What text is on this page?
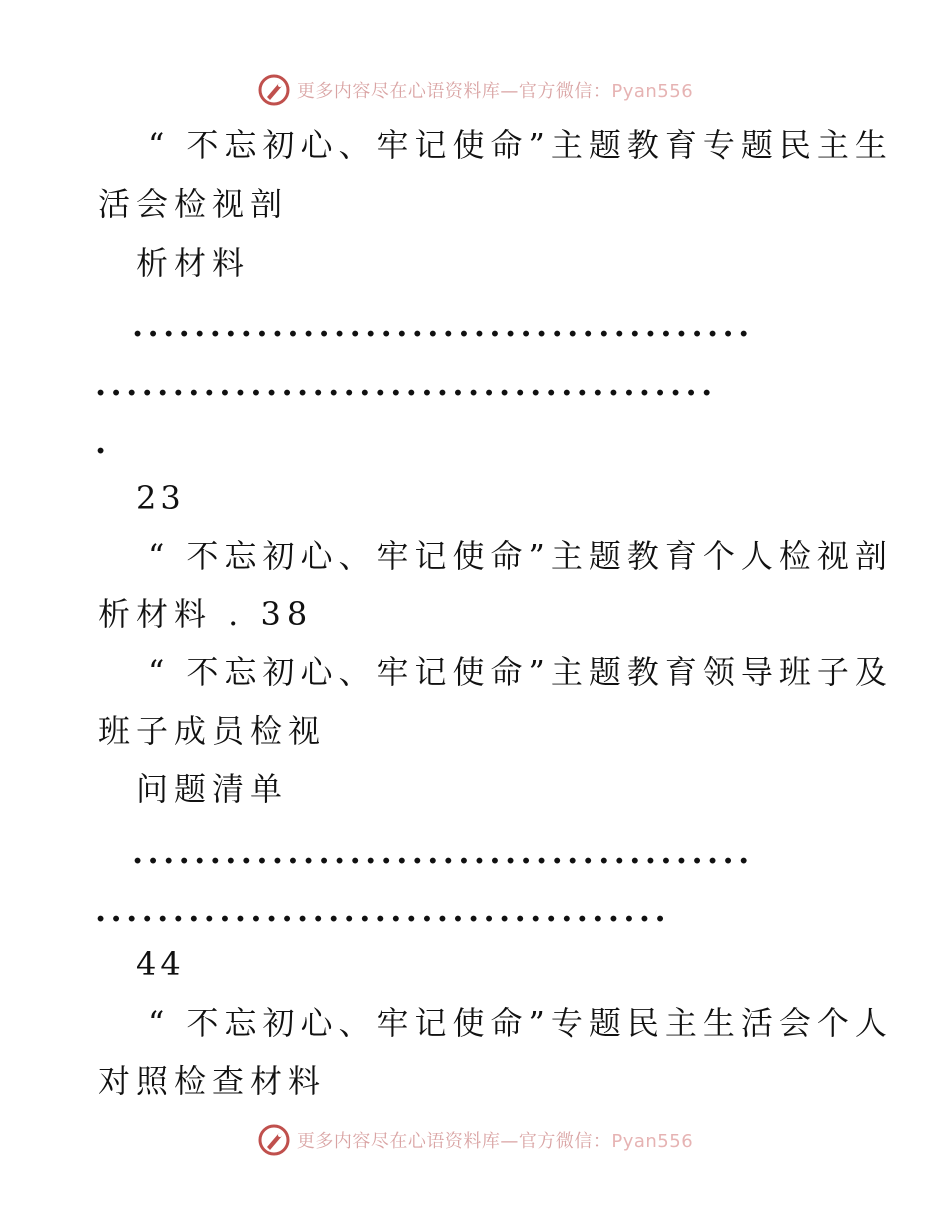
更多内容尽在心语资料库—官方微信：Pyan556
“ 不忘初心、牢记使命”主题教育专题民主生
活会检视剖
析材料
........................................
........................................
.
23
“ 不忘初心、牢记使命”主题教育个人检视剖
析材料 . 38
“ 不忘初心、牢记使命”主题教育领导班子及
班子成员检视
问题清单
........................................
.....................................
44
“ 不忘初心、牢记使命”专题民主生活会个人
对照检查材料
更多内容尽在心语资料库—官方微信：Pyan556
